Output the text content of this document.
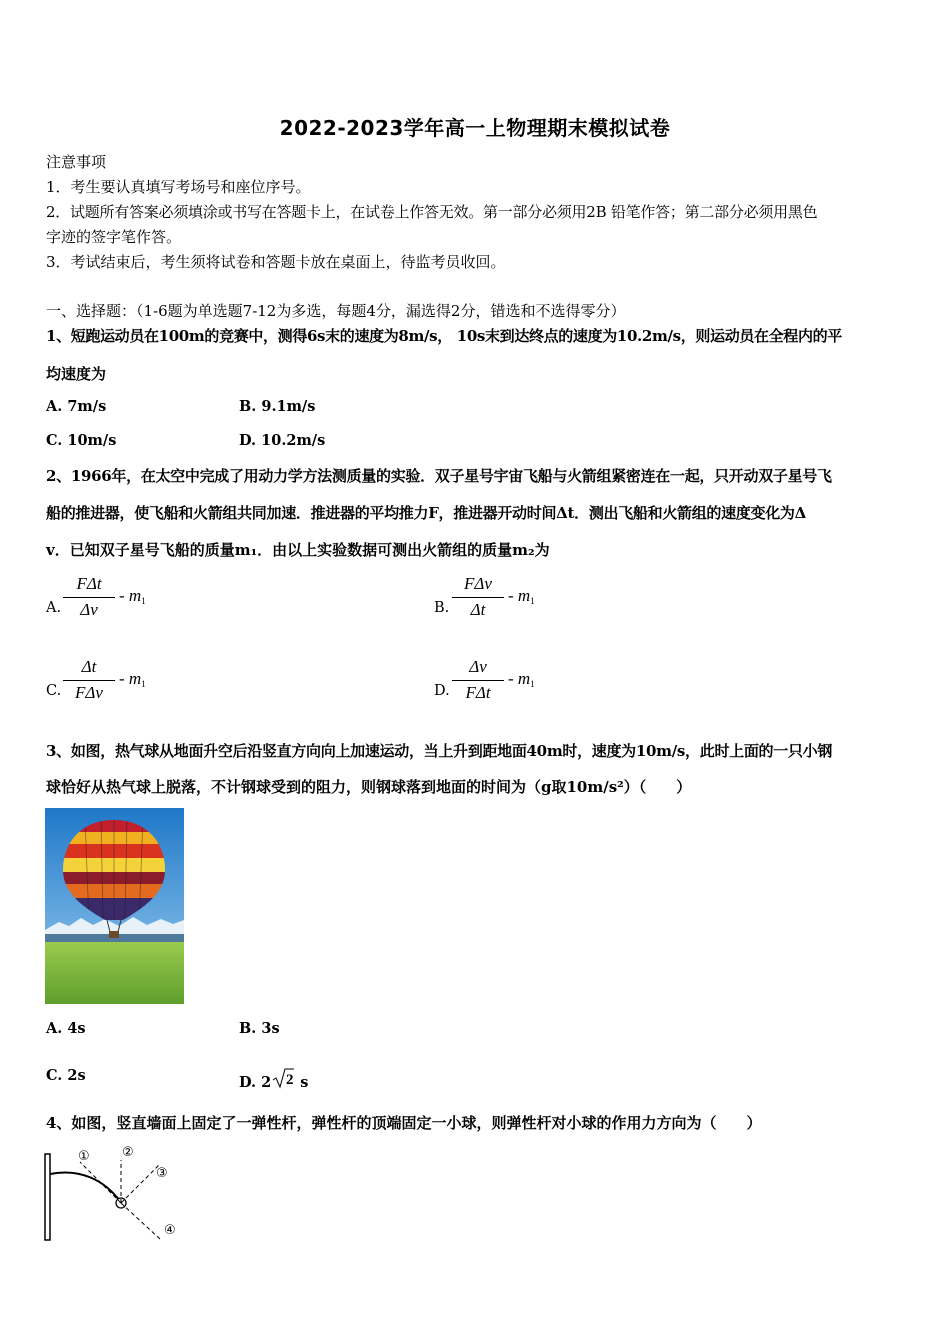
2022-2023学年高一上物理期末模拟试卷
注意事项
1．考生要认真填写考场号和座位序号。
2．试题所有答案必须填涂或书写在答题卡上，在试卷上作答无效。第一部分必须用2B 铅笔作答；第二部分必须用黑色
字迹的签字笔作答。
3．考试结束后，考生须将试卷和答题卡放在桌面上，待监考员收回。
一、选择题：（1-6题为单选题7-12为多选，每题4分，漏选得2分，错选和不选得零分）
1、短跑运动员在100m的竞赛中，测得6s末的速度为8m/s， 10s末到达终点的速度为10.2m/s，则运动员在全程内的平
均速度为
A. 7m/s	B. 9.1m/s
C. 10m/s	D. 10.2m/s
2、1966年，在太空中完成了用动力学方法测质量的实验．双子星号宇宙飞船与火箭组紧密连在一起，只开动双子星号飞
船的推进器，使飞船和火箭组共同加速．推进器的平均推力F，推进器开动时间Δt．测出飞船和火箭组的速度变化为Δ
v．已知双子星号飞船的质量m₁．由以上实验数据可测出火箭组的质量m₂为
A.
FΔt
Δv
- $m_1$	B.
FΔv
Δt
- $m_1$
C.
Δt
FΔv
- $m_1$	D.
Δv
FΔt
- $m_1$
3、如图，热气球从地面升空后沿竖直方向向上加速运动，当上升到距地面40m时，速度为10m/s，此时上面的一只小钢
球恰好从热气球上脱落，不计钢球受到的阻力，则钢球落到地面的时间为（g取10m/s²）（　　）
A. 4s	B. 3s
C. 2s	D. 2 2 s
4、如图，竖直墙面上固定了一弹性杆，弹性杆的顶端固定一小球，则弹性杆对小球的作用力方向为（　　）
① ②
③
④
